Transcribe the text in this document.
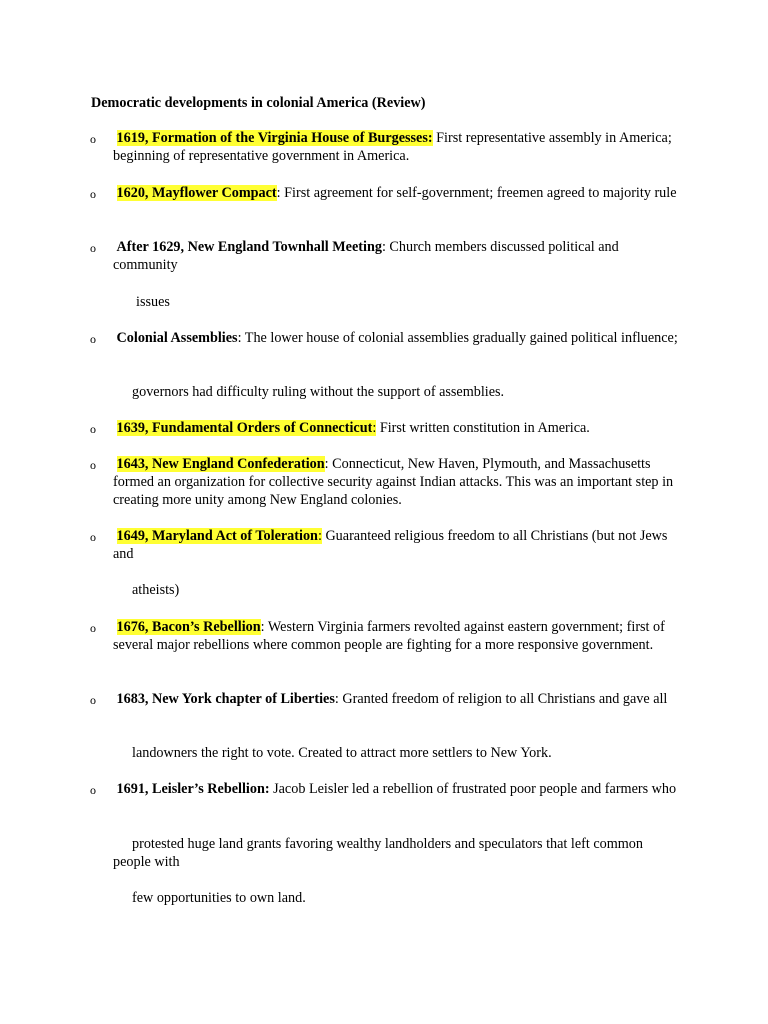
Democratic developments in colonial America (Review)
o 1619, Formation of the Virginia House of Burgesses: First representative assembly in America; beginning of representative government in America.
o 1620, Mayflower Compact: First agreement for self-government; freemen agreed to majority rule
o After 1629, New England Townhall Meeting: Church members discussed political and community
issues
o Colonial Assemblies: The lower house of colonial assemblies gradually gained political influence;
governors had difficulty ruling without the support of assemblies.
o 1639, Fundamental Orders of Connecticut: First written constitution in America.
o 1643, New England Confederation: Connecticut, New Haven, Plymouth, and Massachusetts formed an organization for collective security against Indian attacks. This was an important step in creating more unity among New England colonies.
o 1649, Maryland Act of Toleration: Guaranteed religious freedom to all Christians (but not Jews and
atheists)
o 1676, Bacon’s Rebellion: Western Virginia farmers revolted against eastern government; first of several major rebellions where common people are fighting for a more responsive government.
o 1683, New York chapter of Liberties: Granted freedom of religion to all Christians and gave all
landowners the right to vote. Created to attract more settlers to New York.
o 1691, Leisler’s Rebellion: Jacob Leisler led a rebellion of frustrated poor people and farmers who
protested huge land grants favoring wealthy landholders and speculators that left common people with
few opportunities to own land.
